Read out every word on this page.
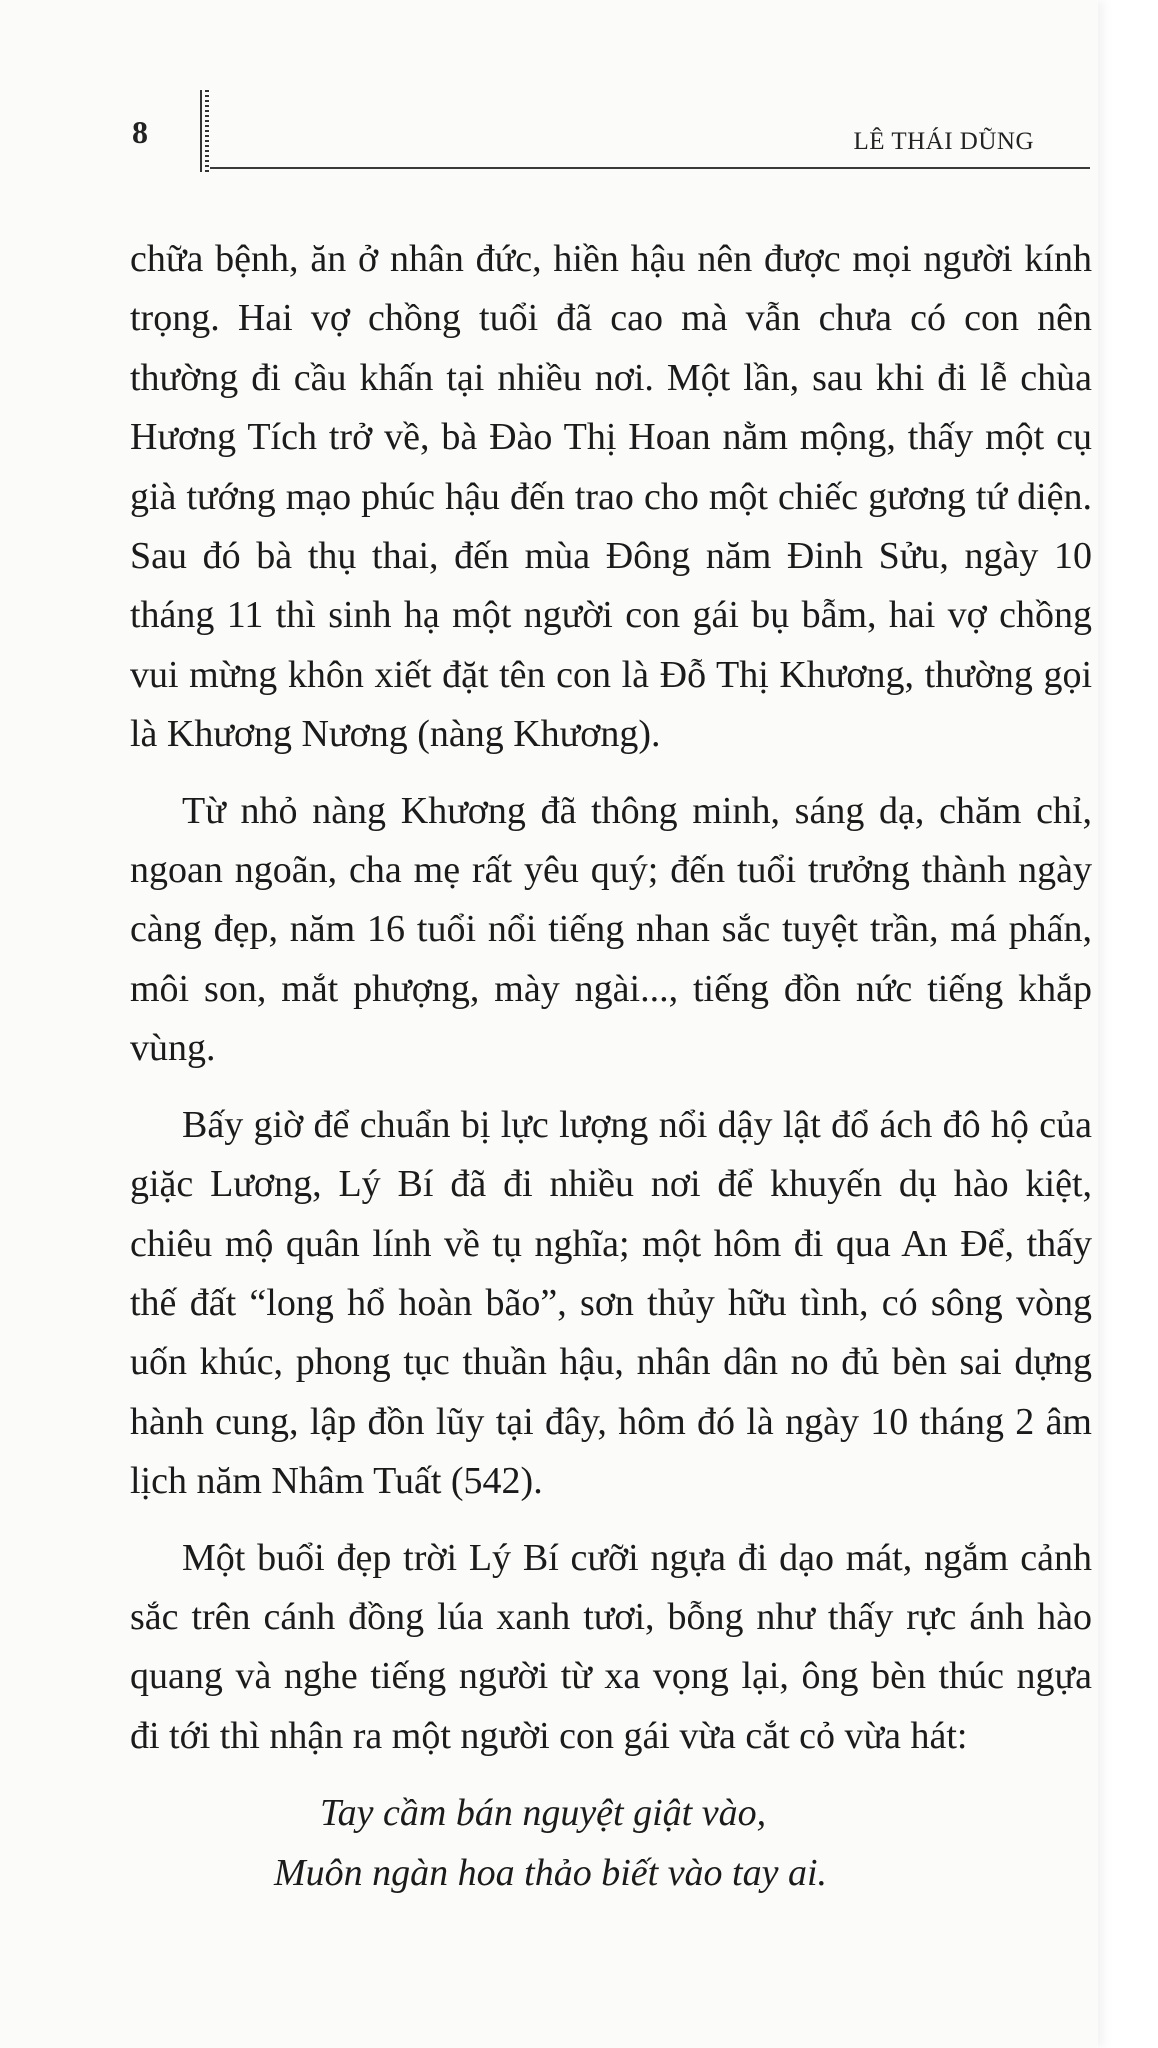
8	LÊ THÁI DŨNG

chữa bệnh, ăn ở nhân đức, hiền hậu nên được mọi người kính trọng. Hai vợ chồng tuổi đã cao mà vẫn chưa có con nên thường đi cầu khấn tại nhiều nơi. Một lần, sau khi đi lễ chùa Hương Tích trở về, bà Đào Thị Hoan nằm mộng, thấy một cụ già tướng mạo phúc hậu đến trao cho một chiếc gương tứ diện. Sau đó bà thụ thai, đến mùa Đông năm Đinh Sửu, ngày 10 tháng 11 thì sinh hạ một người con gái bụ bẫm, hai vợ chồng vui mừng khôn xiết đặt tên con là Đỗ Thị Khương, thường gọi là Khương Nương (nàng Khương).

Từ nhỏ nàng Khương đã thông minh, sáng dạ, chăm chỉ, ngoan ngoãn, cha mẹ rất yêu quý; đến tuổi trưởng thành ngày càng đẹp, năm 16 tuổi nổi tiếng nhan sắc tuyệt trần, má phấn, môi son, mắt phượng, mày ngài..., tiếng đồn nức tiếng khắp vùng.

Bấy giờ để chuẩn bị lực lượng nổi dậy lật đổ ách đô hộ của giặc Lương, Lý Bí đã đi nhiều nơi để khuyến dụ hào kiệt, chiêu mộ quân lính về tụ nghĩa; một hôm đi qua An Để, thấy thế đất “long hổ hoàn bão”, sơn thủy hữu tình, có sông vòng uốn khúc, phong tục thuần hậu, nhân dân no đủ bèn sai dựng hành cung, lập đồn lũy tại đây, hôm đó là ngày 10 tháng 2 âm lịch năm Nhâm Tuất (542).

Một buổi đẹp trời Lý Bí cưỡi ngựa đi dạo mát, ngắm cảnh sắc trên cánh đồng lúa xanh tươi, bỗng như thấy rực ánh hào quang và nghe tiếng người từ xa vọng lại, ông bèn thúc ngựa đi tới thì nhận ra một người con gái vừa cắt cỏ vừa hát:

Tay cầm bán nguyệt giật vào,
Muôn ngàn hoa thảo biết vào tay ai.
